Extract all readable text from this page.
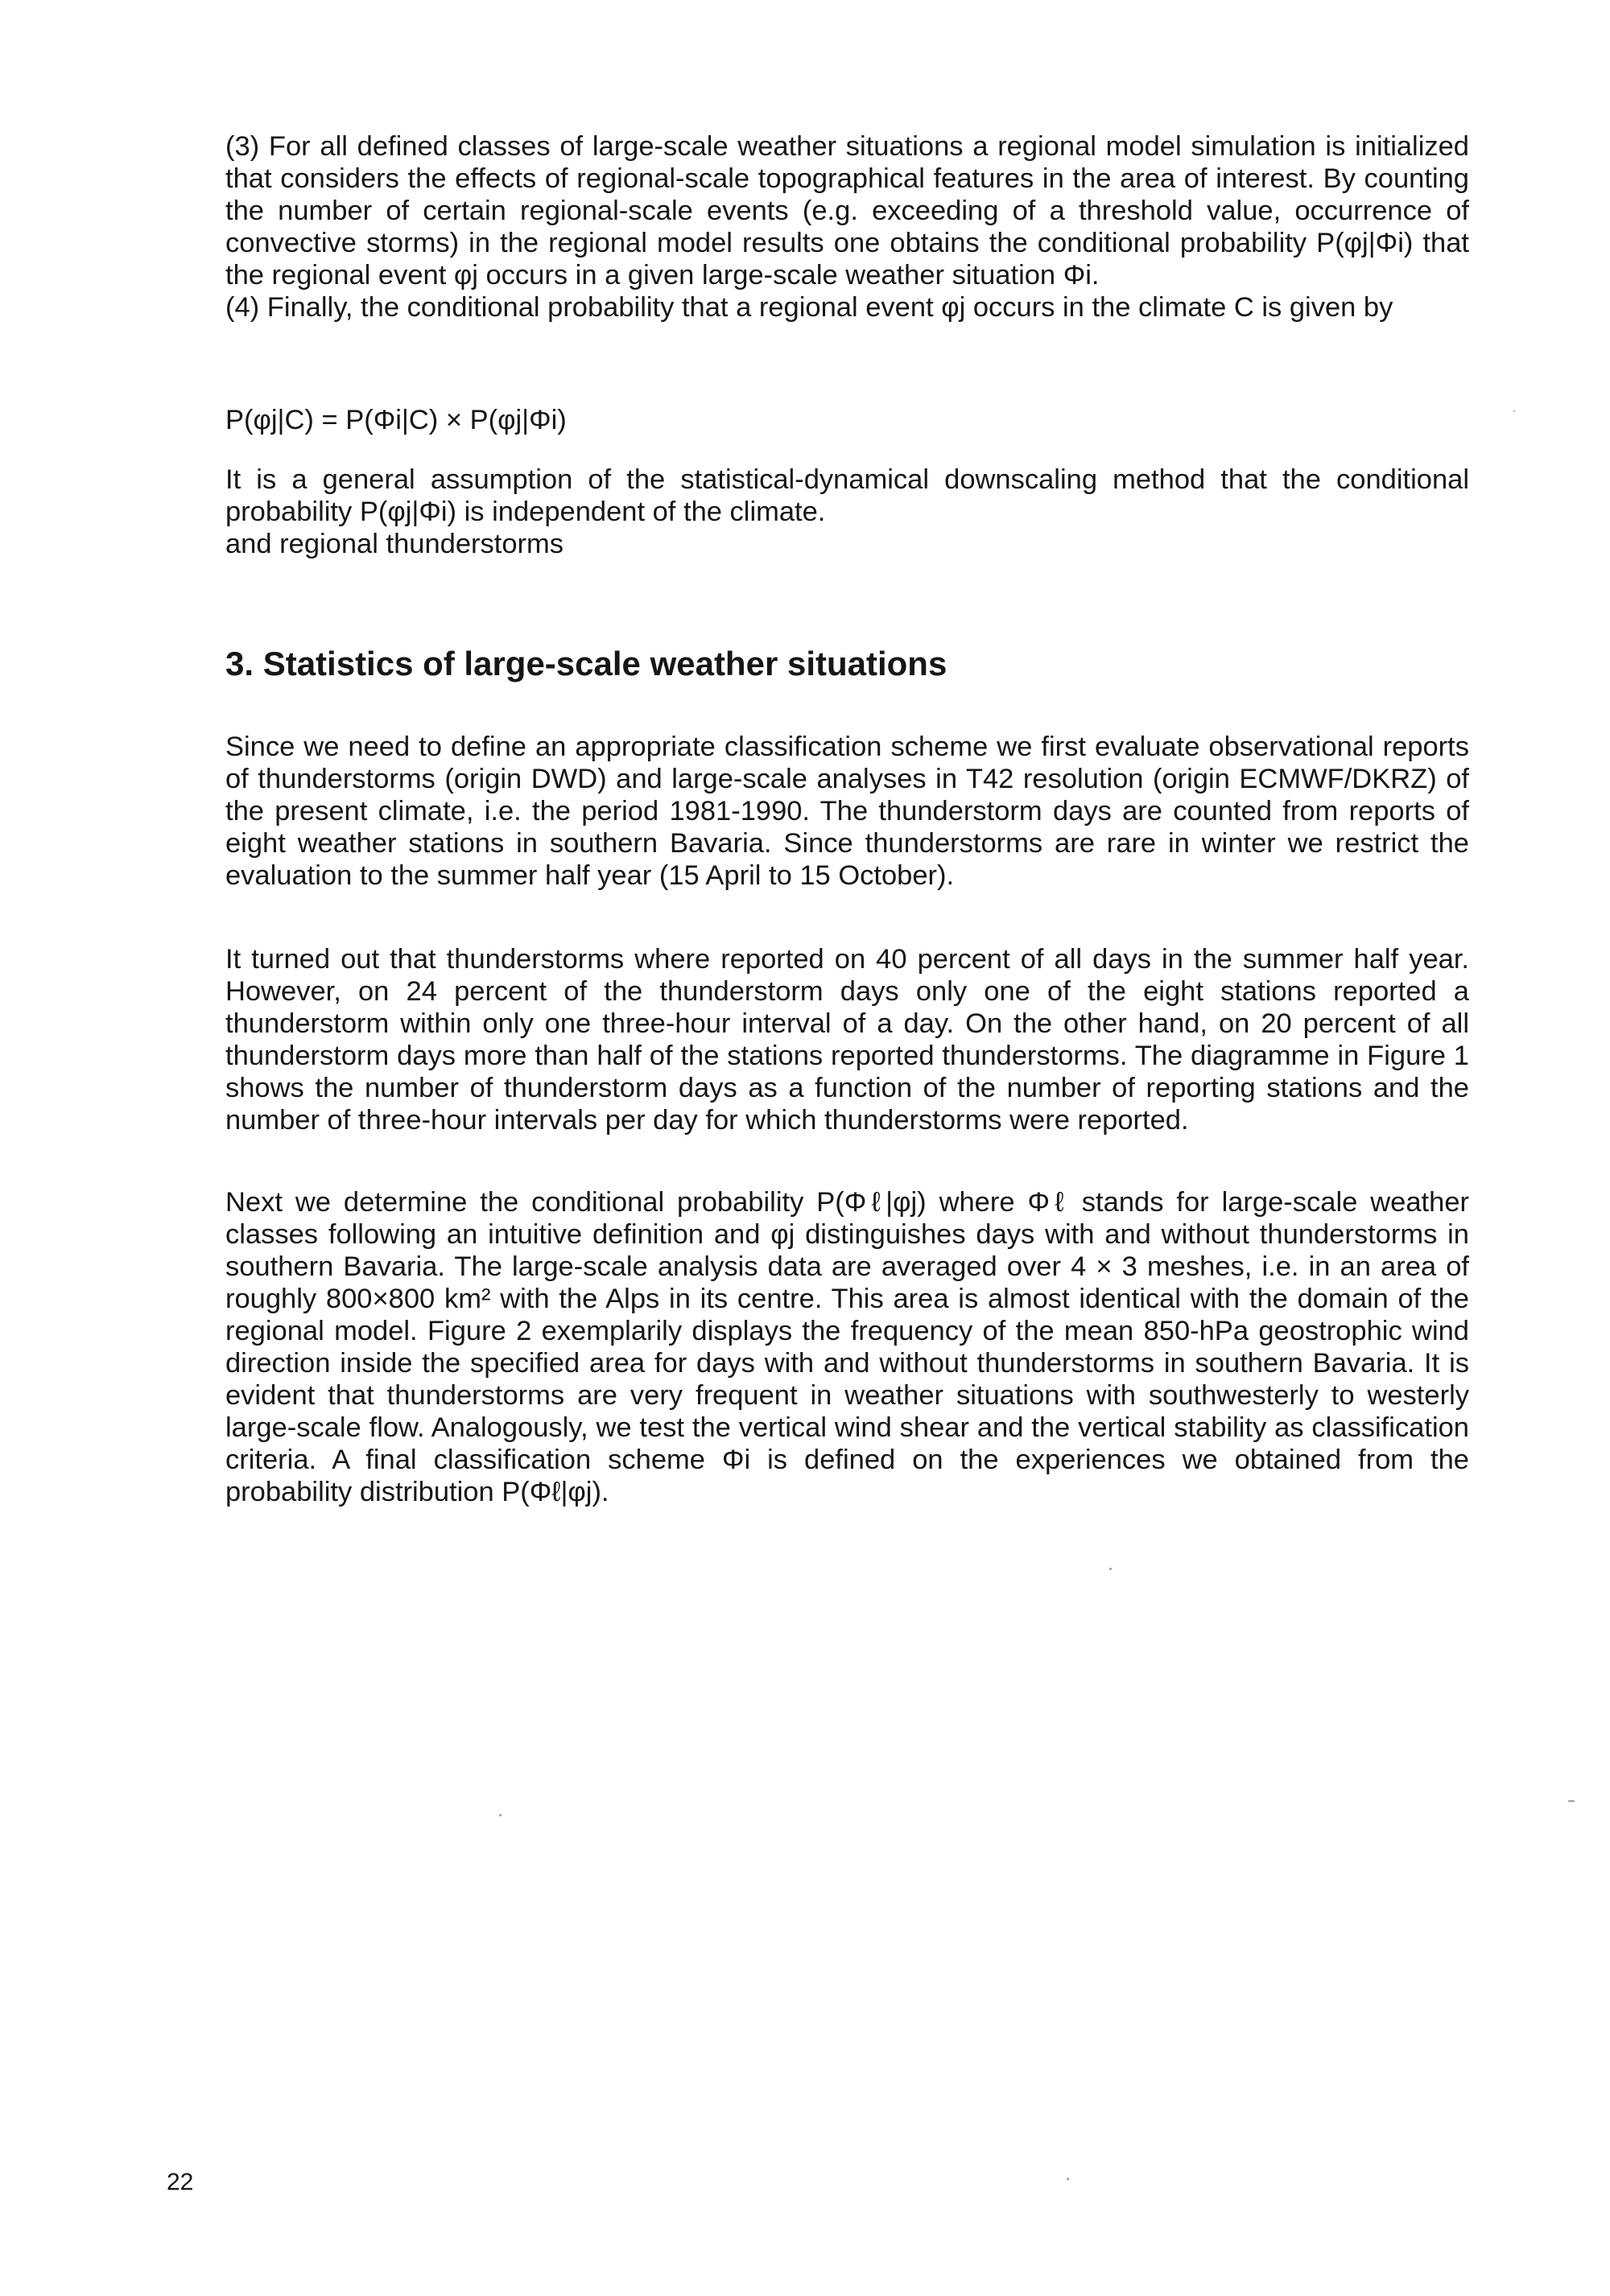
(3) For all defined classes of large-scale weather situations a regional model simulation is initialized that considers the effects of regional-scale topographical features in the area of interest. By counting the number of certain regional-scale events (e.g. exceeding of a threshold value, occurrence of convective storms) in the regional model results one obtains the conditional probability P(φj|Φi) that the regional event φj occurs in a given large-scale weather situation Φi.

(4) Finally, the conditional probability that a regional event φj occurs in the climate C is given by

P(φj|C) = P(Φi|C) × P(φj|Φi)

It is a general assumption of the statistical-dynamical downscaling method that the conditional probability P(φj|Φi) is independent of the climate.

and regional thunderstorms

3. Statistics of large-scale weather situations

Since we need to define an appropriate classification scheme we first evaluate observational reports of thunderstorms (origin DWD) and large-scale analyses in T42 resolution (origin ECMWF/DKRZ) of the present climate, i.e. the period 1981-1990. The thunderstorm days are counted from reports of eight weather stations in southern Bavaria. Since thunderstorms are rare in winter we restrict the evaluation to the summer half year (15 April to 15 October).

It turned out that thunderstorms where reported on 40 percent of all days in the summer half year. However, on 24 percent of the thunderstorm days only one of the eight stations reported a thunderstorm within only one three-hour interval of a day. On the other hand, on 20 percent of all thunderstorm days more than half of the stations reported thunderstorms. The diagramme in Figure 1 shows the number of thunderstorm days as a function of the number of reporting stations and the number of three-hour intervals per day for which thunderstorms were reported.

Next we determine the conditional probability P(Φℓ|φj) where Φℓ stands for large-scale weather classes following an intuitive definition and φj distinguishes days with and without thunderstorms in southern Bavaria. The large-scale analysis data are averaged over 4 × 3 meshes, i.e. in an area of roughly 800×800 km² with the Alps in its centre. This area is almost identical with the domain of the regional model. Figure 2 exemplarily displays the frequency of the mean 850-hPa geostrophic wind direction inside the specified area for days with and without thunderstorms in southern Bavaria. It is evident that thunderstorms are very frequent in weather situations with southwesterly to westerly large-scale flow. Analogously, we test the vertical wind shear and the vertical stability as classification criteria. A final classification scheme Φi is defined on the experiences we obtained from the probability distribution P(Φℓ|φj).

22
